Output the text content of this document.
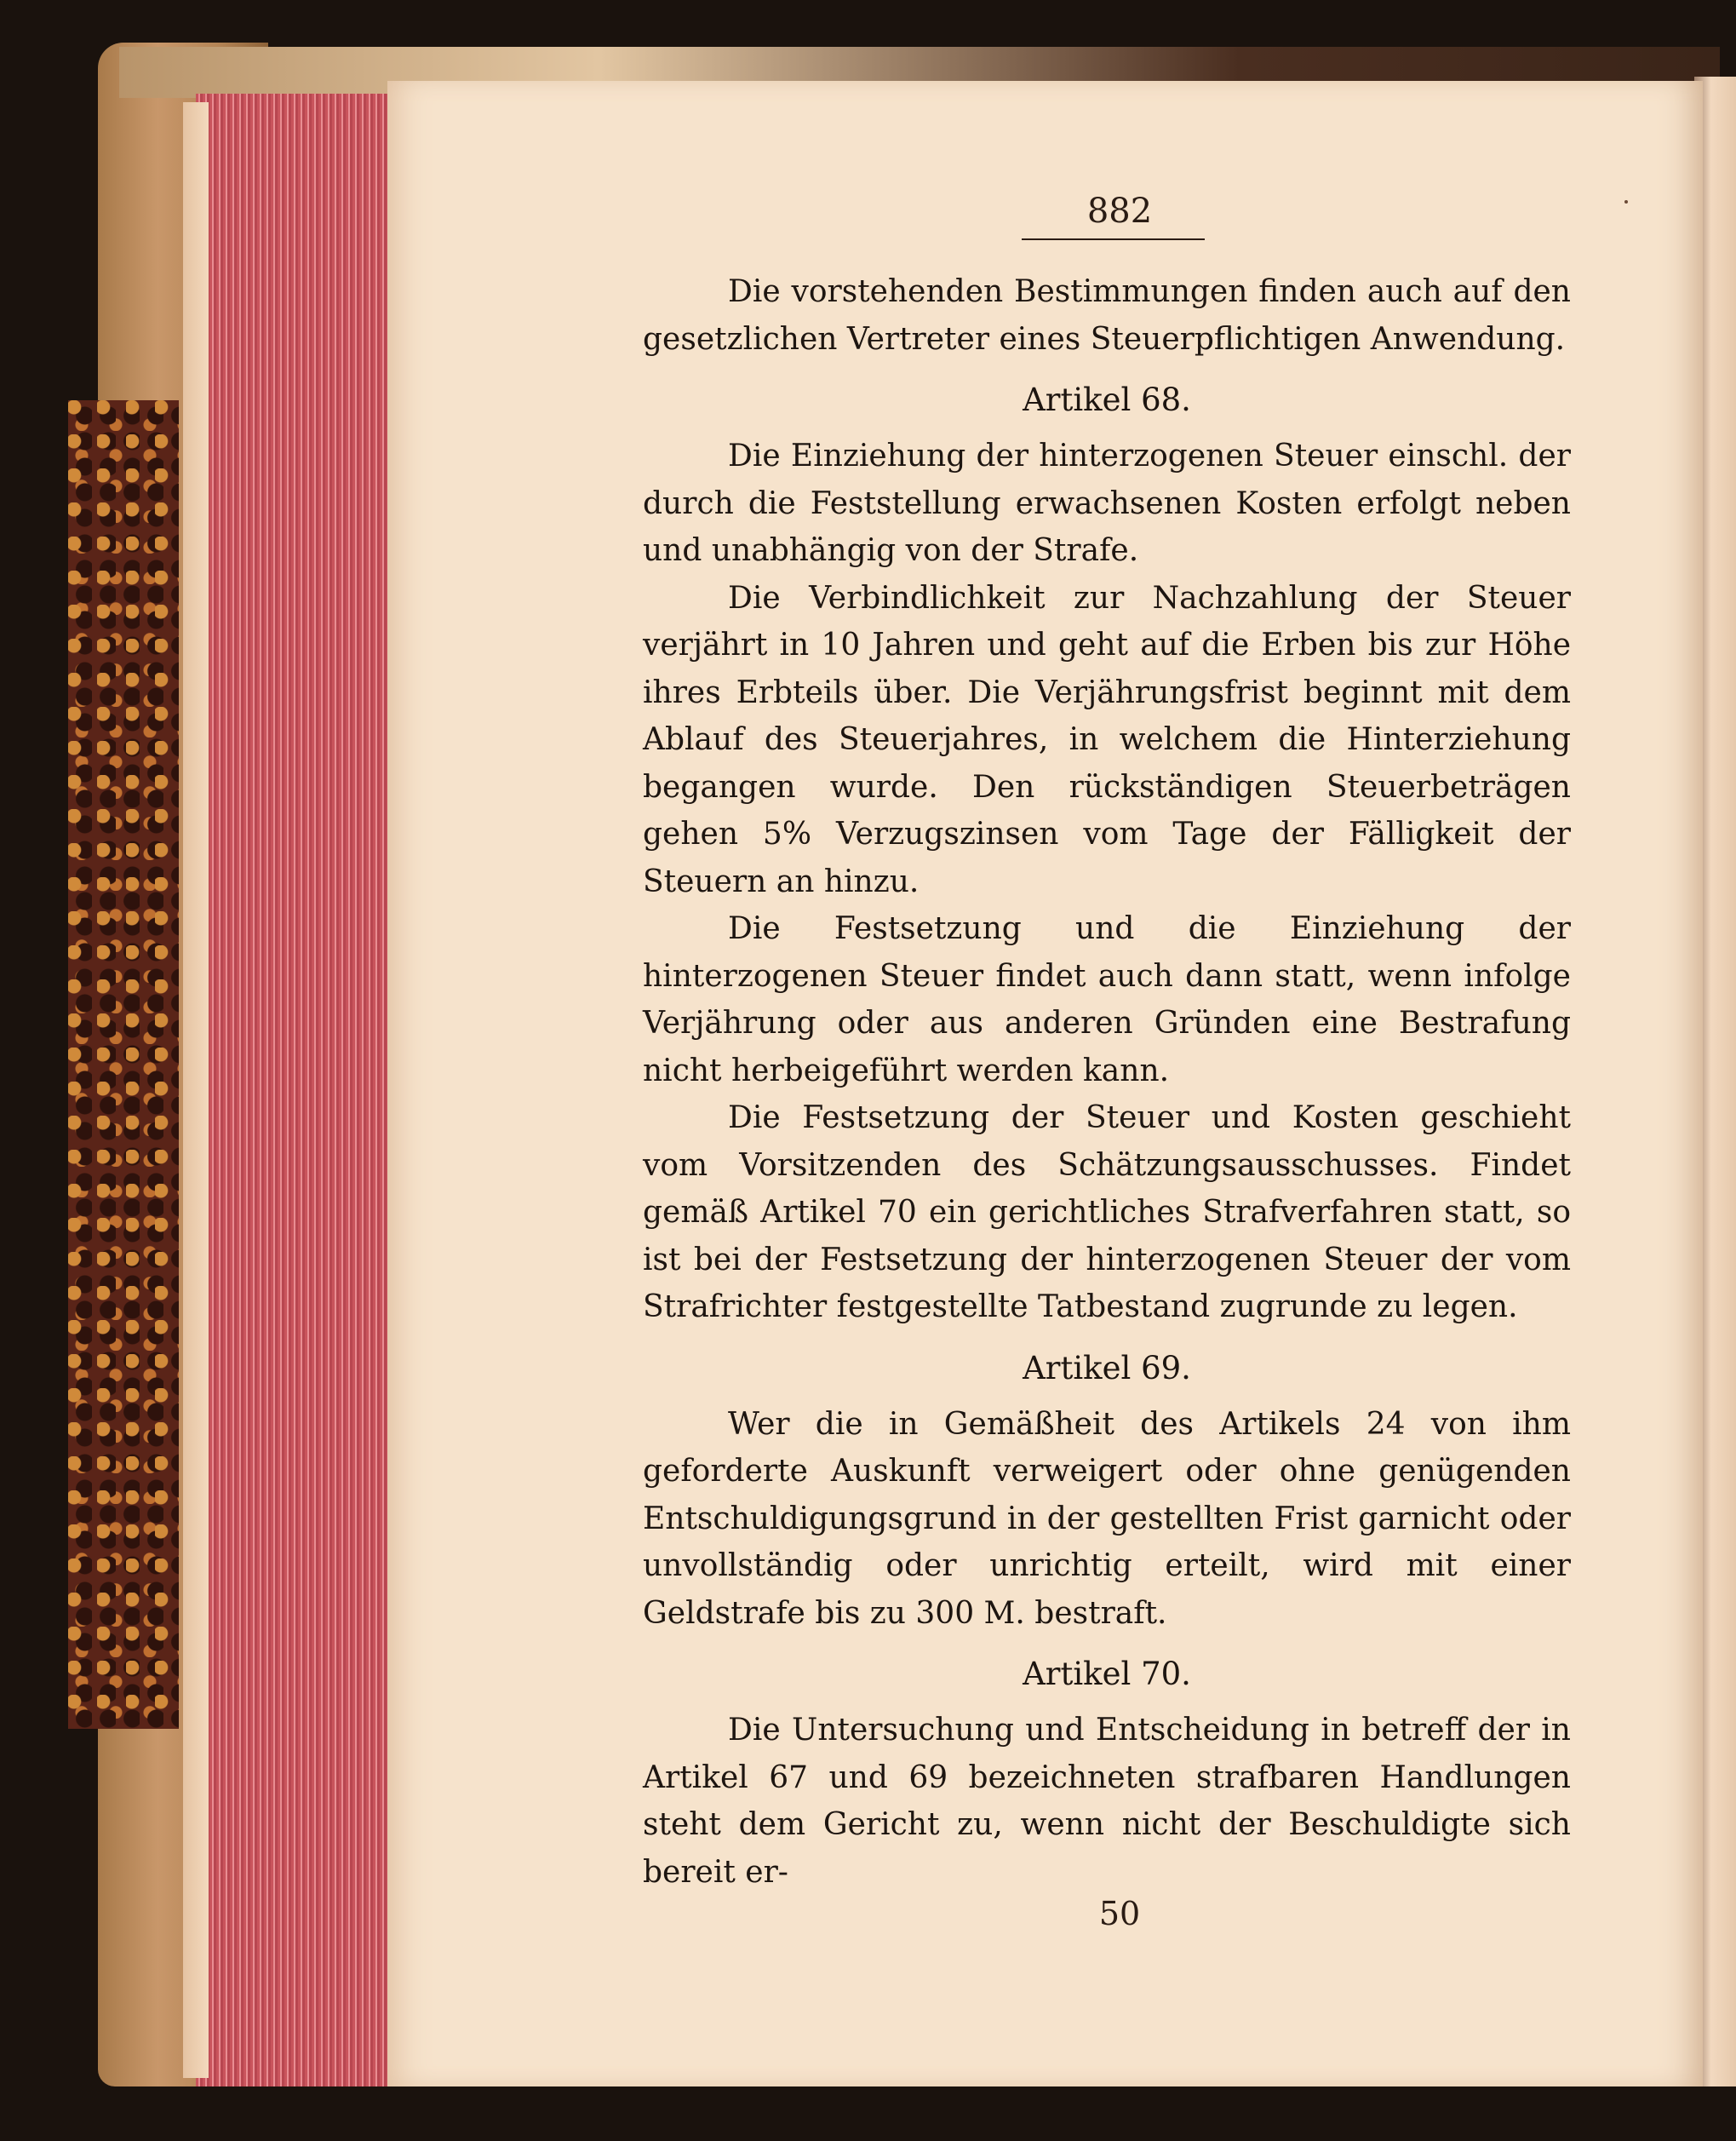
882

Die vorstehenden Bestimmungen finden auch auf den gesetzlichen Vertreter eines Steuerpflichtigen Anwendung.

Artikel 68.

Die Einziehung der hinterzogenen Steuer einschl. der durch die Feststellung erwachsenen Kosten erfolgt neben und unabhängig von der Strafe.

Die Verbindlichkeit zur Nachzahlung der Steuer verjährt in 10 Jahren und geht auf die Erben bis zur Höhe ihres Erbteils über. Die Verjährungsfrist beginnt mit dem Ablauf des Steuerjahres, in welchem die Hinterziehung begangen wurde. Den rückständigen Steuerbeträgen gehen 5% Verzugszinsen vom Tage der Fälligkeit der Steuern an hinzu.

Die Festsetzung und die Einziehung der hinterzogenen Steuer findet auch dann statt, wenn infolge Verjährung oder aus anderen Gründen eine Bestrafung nicht herbeigeführt werden kann.

Die Festsetzung der Steuer und Kosten geschieht vom Vorsitzenden des Schätzungsausschusses. Findet gemäß Artikel 70 ein gerichtliches Strafverfahren statt, so ist bei der Festsetzung der hinterzogenen Steuer der vom Strafrichter festgestellte Tatbestand zugrunde zu legen.

Artikel 69.

Wer die in Gemäßheit des Artikels 24 von ihm geforderte Auskunft verweigert oder ohne genügenden Entschuldigungsgrund in der gestellten Frist garnicht oder unvollständig oder unrichtig erteilt, wird mit einer Geldstrafe bis zu 300 M. bestraft.

Artikel 70.

Die Untersuchung und Entscheidung in betreff der in Artikel 67 und 69 bezeichneten strafbaren Handlungen steht dem Gericht zu, wenn nicht der Beschuldigte sich bereit er-

50
